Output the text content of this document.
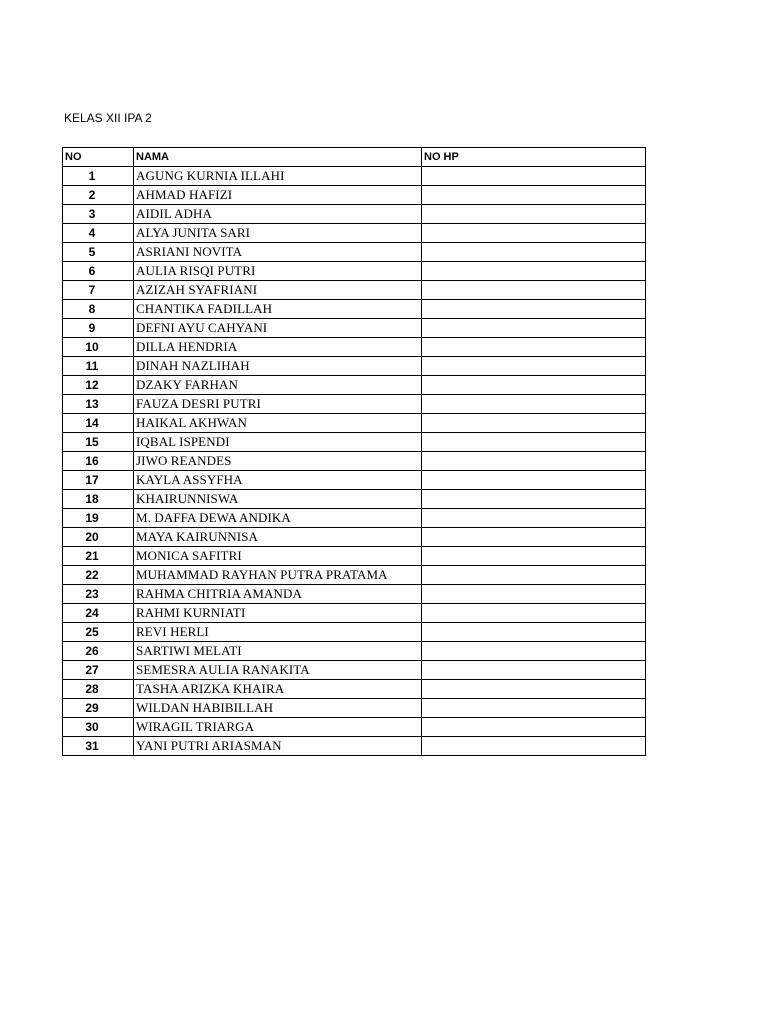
KELAS XII IPA 2
NO	NAMA	NO HP
1	AGUNG KURNIA ILLAHI	
2	AHMAD HAFIZI	
3	AIDIL ADHA	
4	ALYA JUNITA SARI	
5	ASRIANI NOVITA	
6	AULIA RISQI PUTRI	
7	AZIZAH SYAFRIANI	
8	CHANTIKA FADILLAH	
9	DEFNI AYU CAHYANI	
10	DILLA HENDRIA	
11	DINAH NAZLIHAH	
12	DZAKY FARHAN	
13	FAUZA DESRI PUTRI	
14	HAIKAL AKHWAN	
15	IQBAL ISPENDI	
16	JIWO REANDES	
17	KAYLA ASSYFHA	
18	KHAIRUNNISWA	
19	M. DAFFA DEWA ANDIKA	
20	MAYA KAIRUNNISA	
21	MONICA SAFITRI	
22	MUHAMMAD RAYHAN PUTRA PRATAMA	
23	RAHMA CHITRIA AMANDA	
24	RAHMI KURNIATI	
25	REVI HERLI	
26	SARTIWI MELATI	
27	SEMESRA AULIA RANAKITA	
28	TASHA ARIZKA KHAIRA	
29	WILDAN HABIBILLAH	
30	WIRAGIL TRIARGA	
31	YANI PUTRI ARIASMAN	
